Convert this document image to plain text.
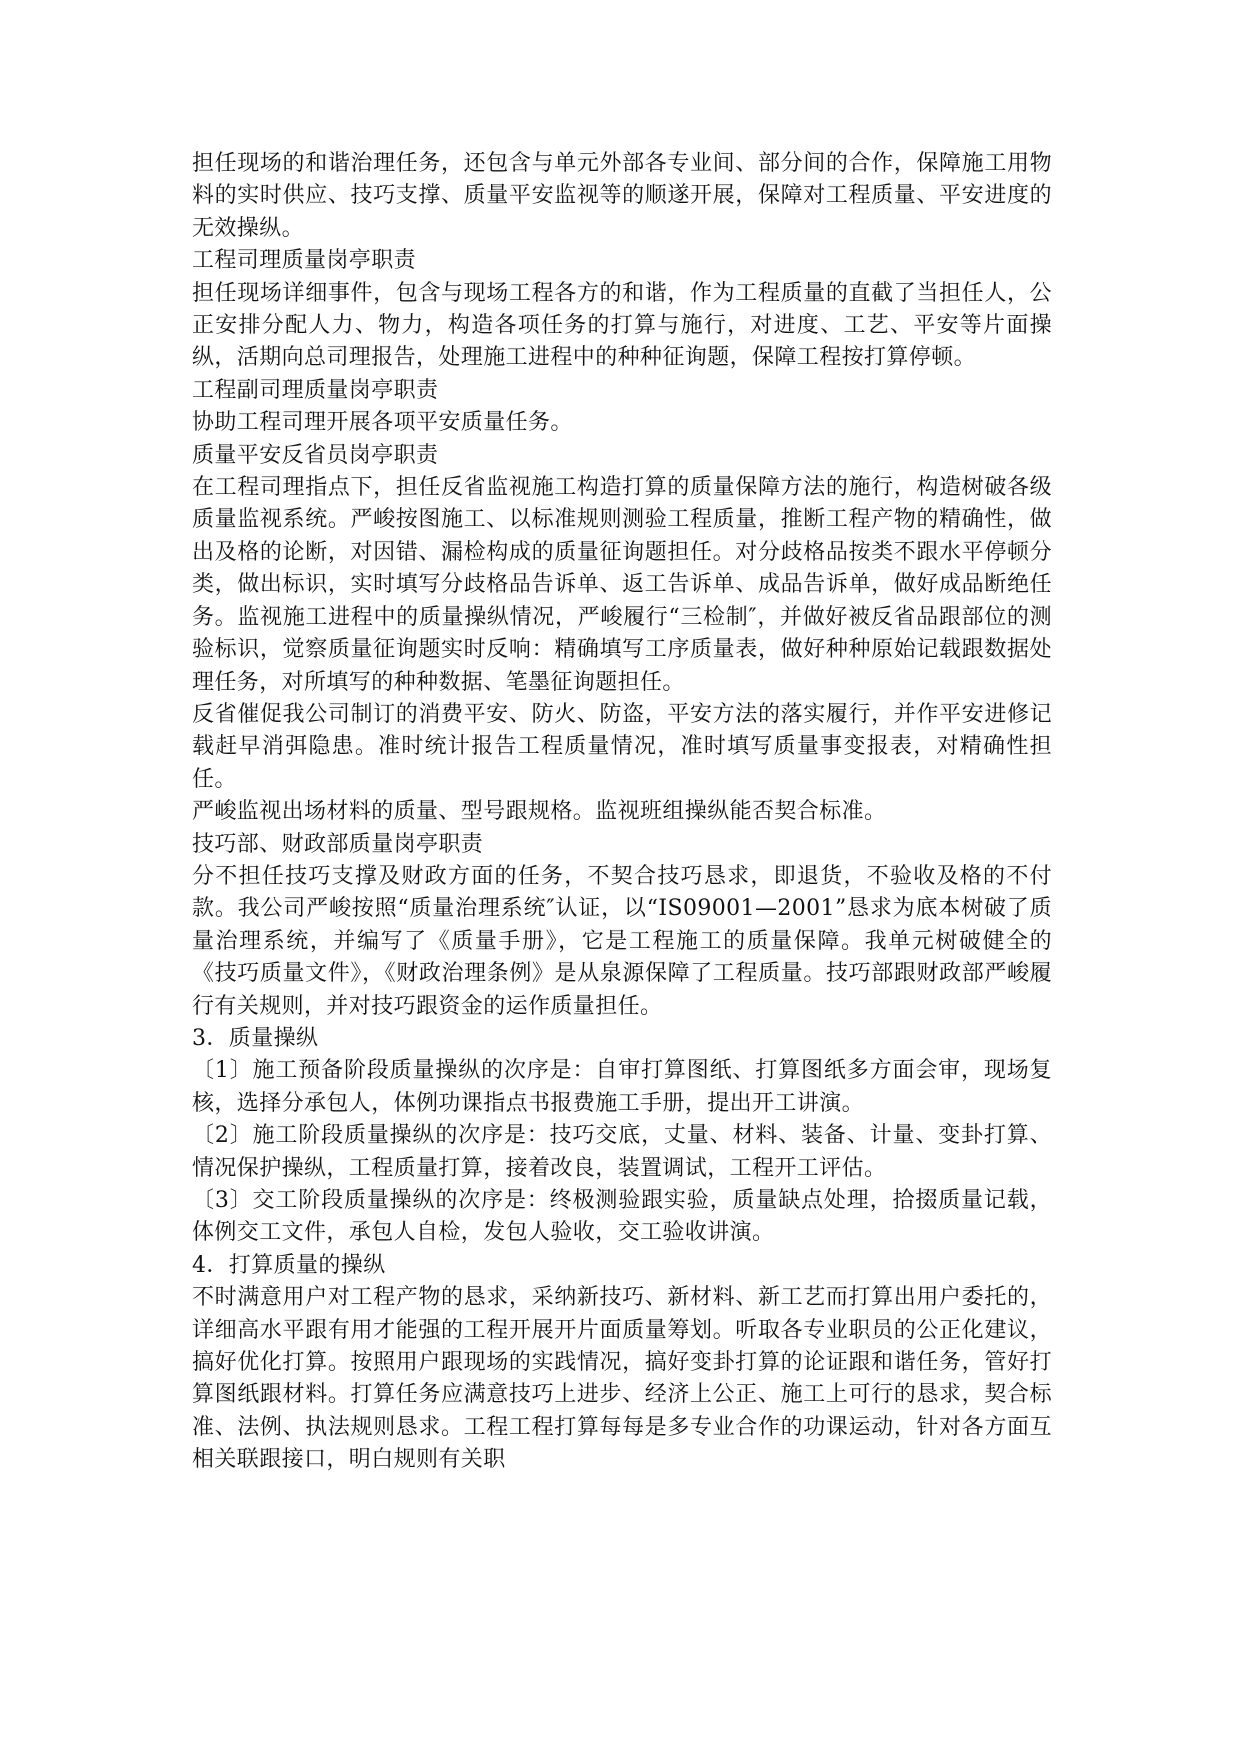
担任现场的和谐治理任务，还包含与单元外部各专业间、部分间的合作，保障施工用物料的实时供应、技巧支撑、质量平安监视等的顺遂开展，保障对工程质量、平安进度的无效操纵。

工程司理质量岗亭职责

担任现场详细事件，包含与现场工程各方的和谐，作为工程质量的直截了当担任人，公正安排分配人力、物力，构造各项任务的打算与施行，对进度、工艺、平安等片面操纵，活期向总司理报告，处理施工进程中的种种征询题，保障工程按打算停顿。

工程副司理质量岗亭职责

协助工程司理开展各项平安质量任务。

质量平安反省员岗亭职责

在工程司理指点下，担任反省监视施工构造打算的质量保障方法的施行，构造树破各级质量监视系统。严峻按图施工、以标准规则测验工程质量，推断工程产物的精确性，做出及格的论断，对因错、漏检构成的质量征询题担任。对分歧格品按类不跟水平停顿分类，做出标识，实时填写分歧格品告诉单、返工告诉单、成品告诉单，做好成品断绝任务。监视施工进程中的质量操纵情况，严峻履行“三检制″，并做好被反省品跟部位的测验标识，觉察质量征询题实时反响：精确填写工序质量表，做好种种原始记载跟数据处理任务，对所填写的种种数据、笔墨征询题担任。

反省催促我公司制订的消费平安、防火、防盗，平安方法的落实履行，并作平安进修记载赶早消弭隐患。准时统计报告工程质量情况，准时填写质量事变报表，对精确性担任。

严峻监视出场材料的质量、型号跟规格。监视班组操纵能否契合标准。

技巧部、财政部质量岗亭职责

分不担任技巧支撑及财政方面的任务，不契合技巧恳求，即退货，不验收及格的不付款。我公司严峻按照“质量治理系统″认证，以“IS09001—2001”恳求为底本树破了质量治理系统，并编写了《质量手册》，它是工程施工的质量保障。我单元树破健全的《技巧质量文件》，《财政治理条例》是从泉源保障了工程质量。技巧部跟财政部严峻履行有关规则，并对技巧跟资金的运作质量担任。

3．质量操纵

〔1〕施工预备阶段质量操纵的次序是：自审打算图纸、打算图纸多方面会审，现场复核，选择分承包人，体例功课指点书报费施工手册，提出开工讲演。

〔2〕施工阶段质量操纵的次序是：技巧交底，丈量、材料、装备、计量、变卦打算、情况保护操纵，工程质量打算，接着改良，装置调试，工程开工评估。

〔3〕交工阶段质量操纵的次序是：终极测验跟实验，质量缺点处理，拾掇质量记载，体例交工文件，承包人自检，发包人验收，交工验收讲演。

4．打算质量的操纵

不时满意用户对工程产物的恳求，采纳新技巧、新材料、新工艺而打算出用户委托的，详细高水平跟有用才能强的工程开展开片面质量筹划。听取各专业职员的公正化建议，搞好优化打算。按照用户跟现场的实践情况，搞好变卦打算的论证跟和谐任务，管好打算图纸跟材料。打算任务应满意技巧上进步、经济上公正、施工上可行的恳求，契合标准、法例、执法规则恳求。工程工程打算每每是多专业合作的功课运动，针对各方面互相关联跟接口，明白规则有关职
